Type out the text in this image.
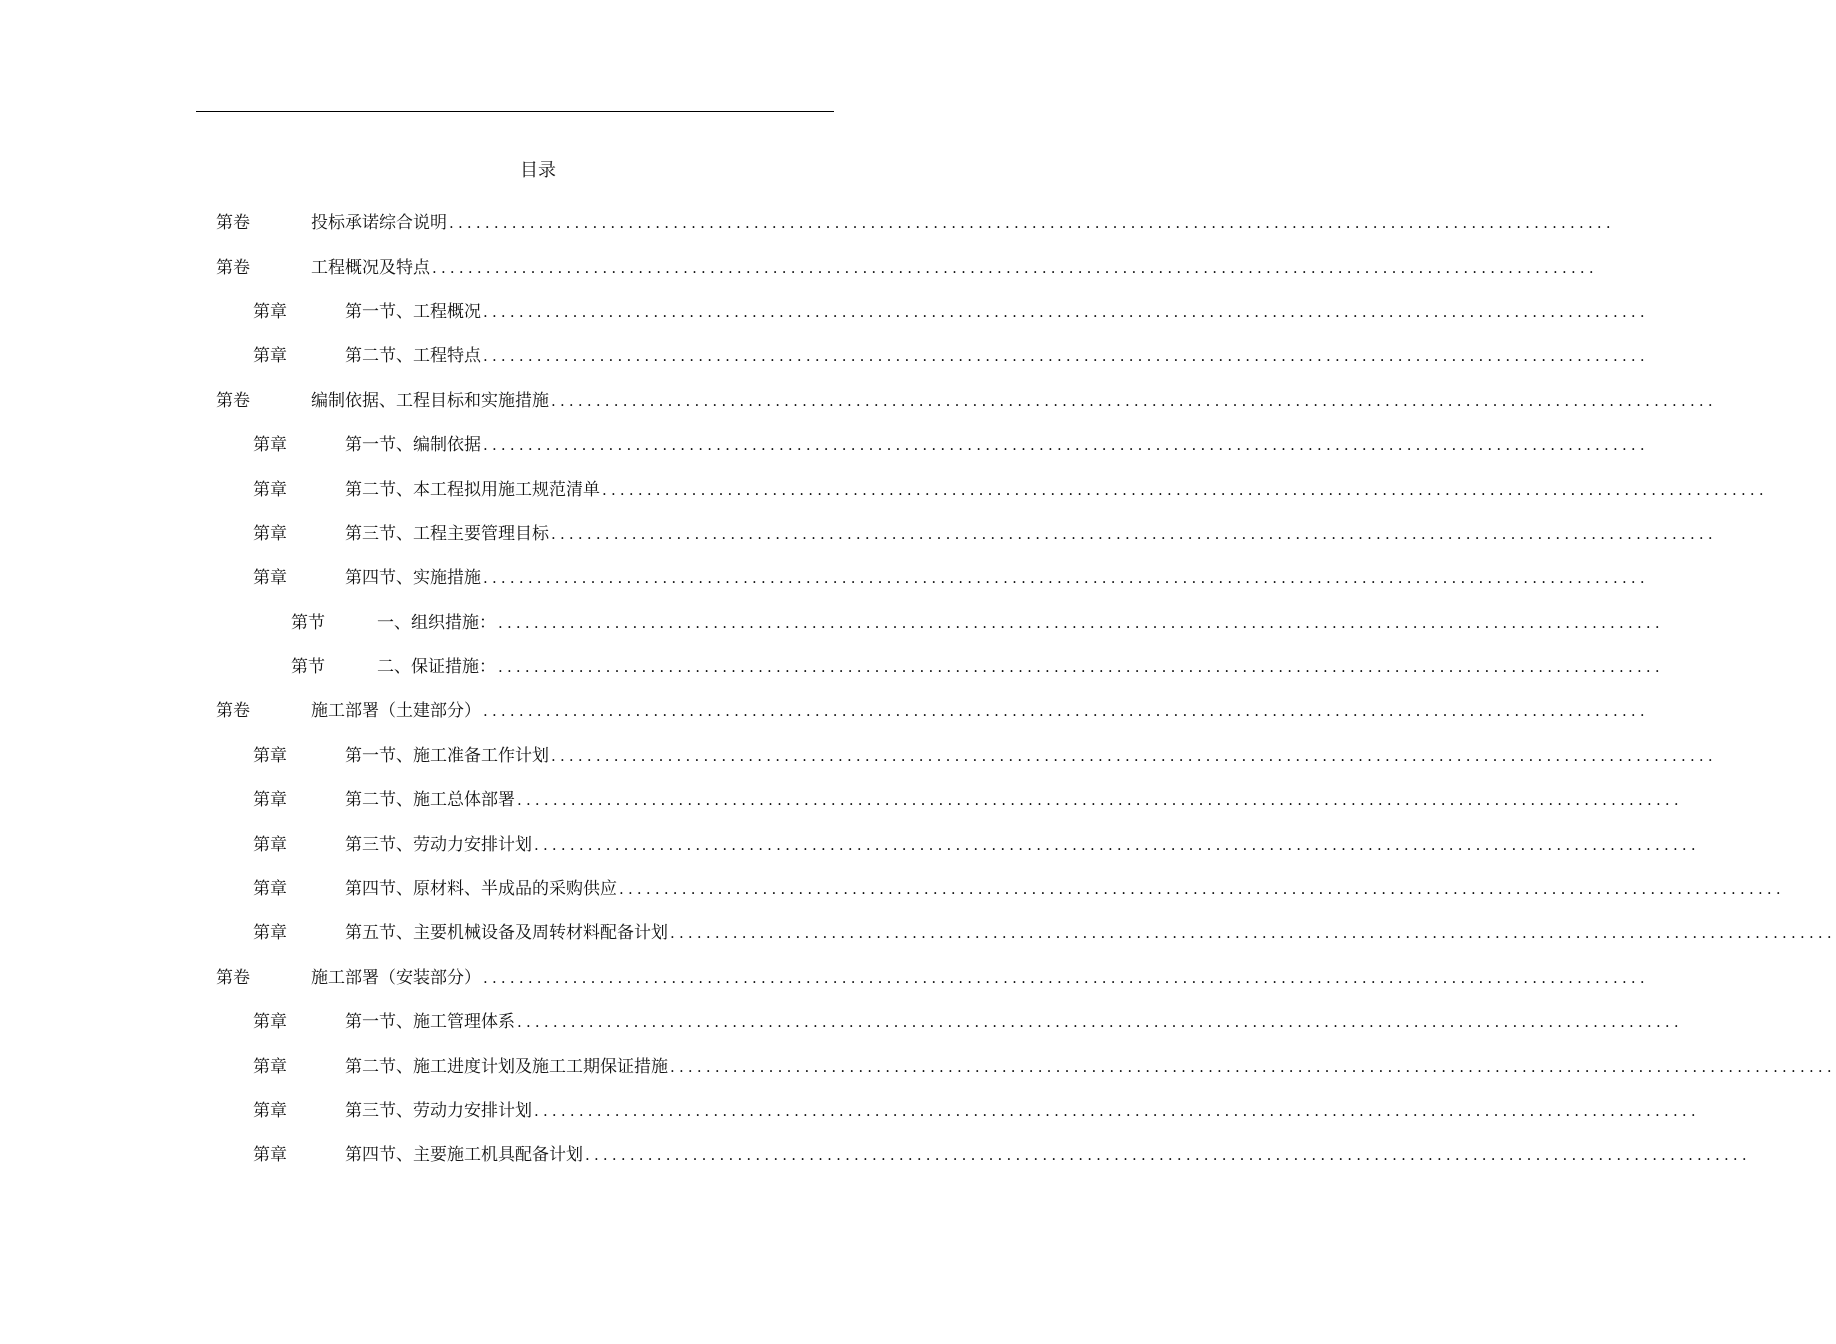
目录
第卷	投标承诺综合说明 ..................................................................................................................................
第卷	工程概况及特点 ..................................................................................................................................
第章	第一节、工程概况 ..................................................................................................................................
第章	第二节、工程特点 ..................................................................................................................................
第卷	编制依据、工程目标和实施措施 ..................................................................................................................................
第章	第一节、编制依据 ..................................................................................................................................
第章	第二节、本工程拟用施工规范清单 ..................................................................................................................................
第章	第三节、工程主要管理目标 ..................................................................................................................................
第章	第四节、实施措施 ..................................................................................................................................
第节	一、组织措施： ..................................................................................................................................
第节	二、保证措施： ..................................................................................................................................
第卷	施工部署（土建部分） ..................................................................................................................................
第章	第一节、施工准备工作计划 ..................................................................................................................................
第章	第二节、施工总体部署 ..................................................................................................................................
第章	第三节、劳动力安排计划 ..................................................................................................................................
第章	第四节、原材料、半成品的采购供应 ..................................................................................................................................
第章	第五节、主要机械设备及周转材料配备计划 ..................................................................................................................................
第卷	施工部署（安装部分） ..................................................................................................................................
第章	第一节、施工管理体系 ..................................................................................................................................
第章	第二节、施工进度计划及施工工期保证措施 ..................................................................................................................................
第章	第三节、劳动力安排计划 ..................................................................................................................................
第章	第四节、主要施工机具配备计划 ..................................................................................................................................
